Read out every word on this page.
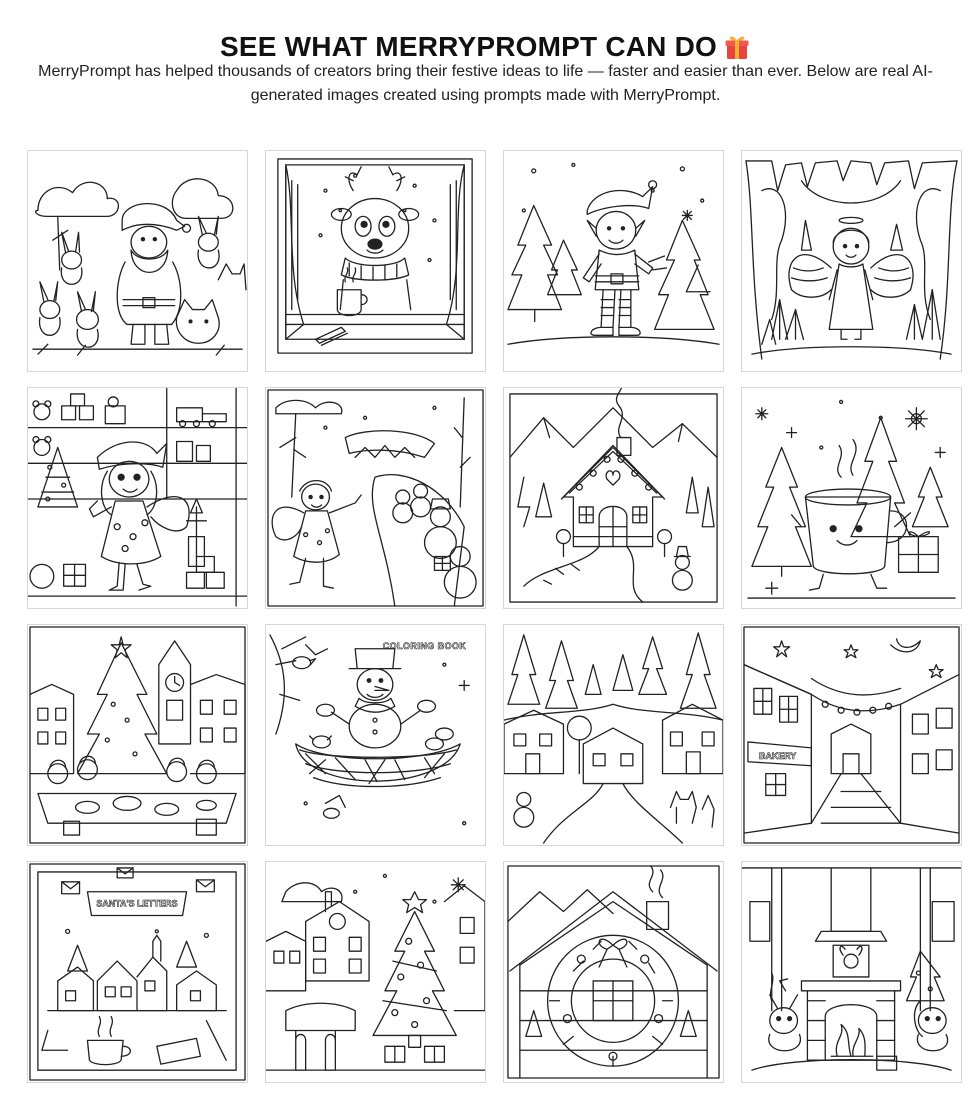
SEE WHAT MERRYPROMPT CAN DO

MerryPrompt has helped thousands of creators bring their festive ideas to life — faster and easier than ever. Below are real AI-generated images created using prompts made with MerryPrompt.

COLORING BOOK
BAKERY
SANTA'S LETTERS
